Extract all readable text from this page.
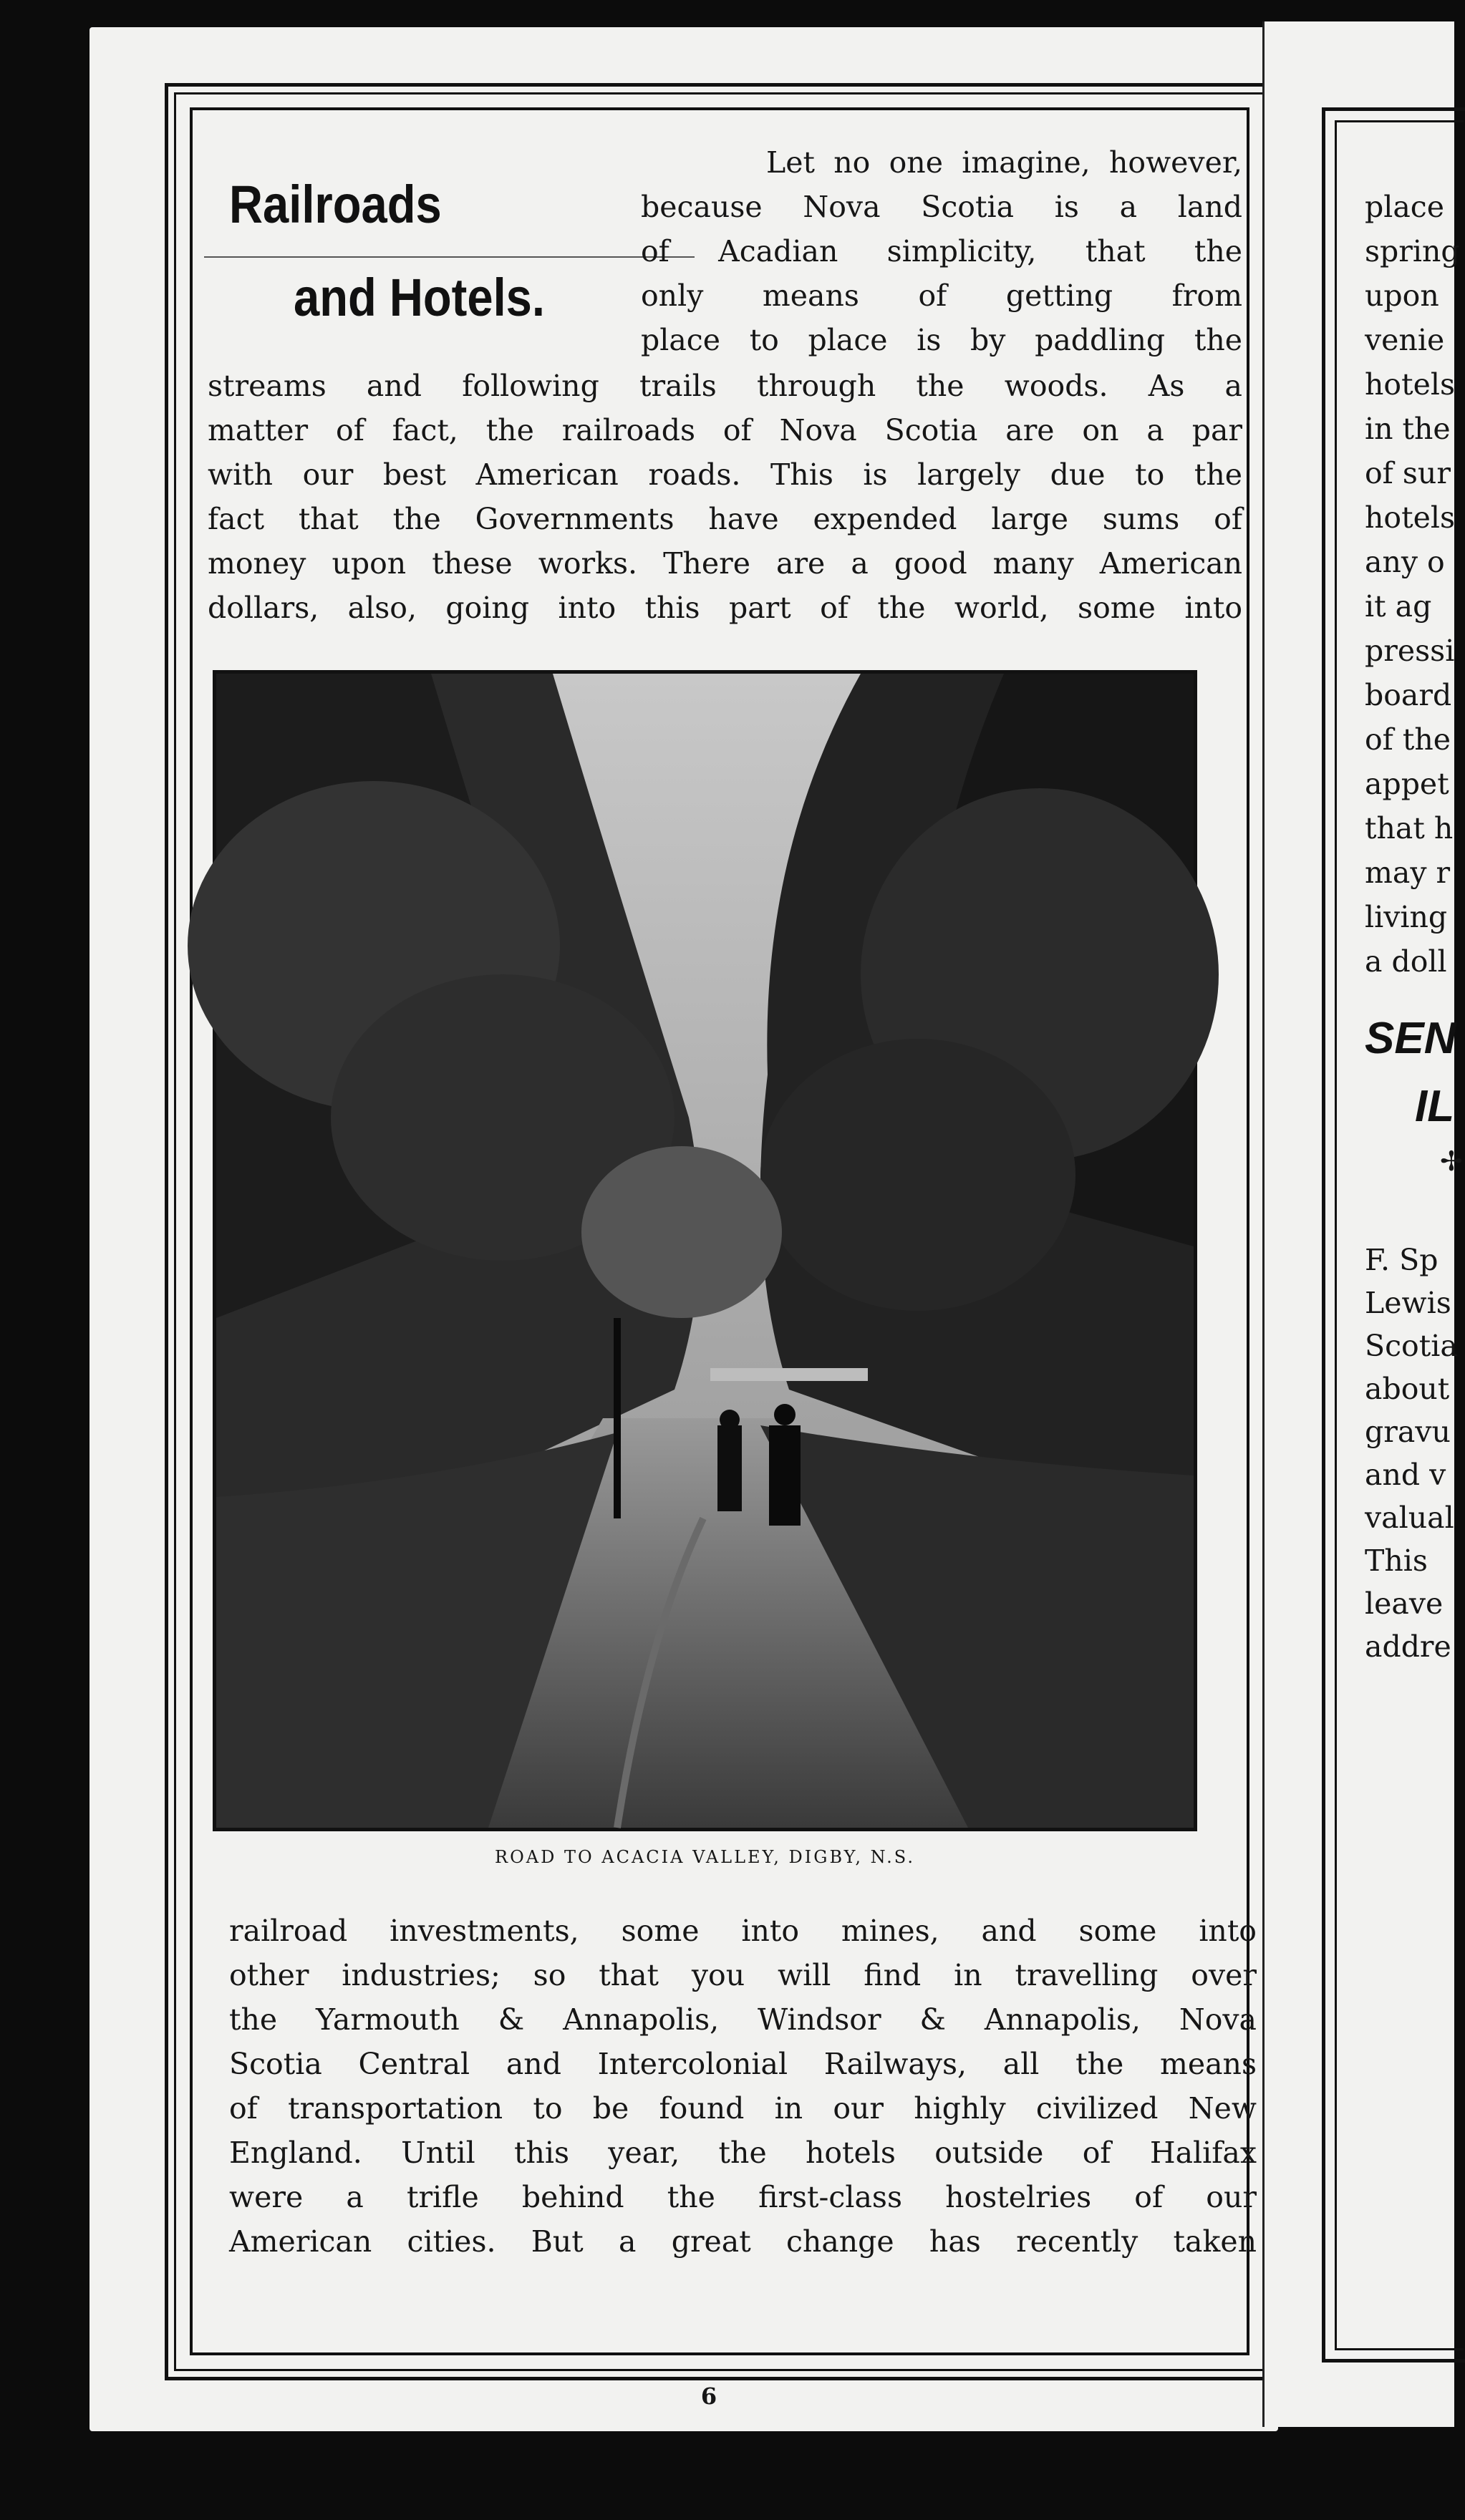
Railroads
and Hotels.
Let no one imagine, however,
because Nova Scotia is a land
of Acadian simplicity, that the
only means of getting from
place to place is by paddling the
streams and following trails through the woods. As a
matter of fact, the railroads of Nova Scotia are on a par
with our best American roads. This is largely due to the
fact that the Governments have expended large sums of
money upon these works. There are a good many American
dollars, also, going into this part of the world, some into
ROAD TO ACACIA VALLEY, DIGBY, N.S.
railroad investments, some into mines, and some into
other industries; so that you will find in travelling over
the Yarmouth & Annapolis, Windsor & Annapolis, Nova
Scotia Central and Intercolonial Railways, all the means
of transportation to be found in our highly civilized New
England. Until this year, the hotels outside of Halifax
were a trifle behind the first-class hostelries of our
American cities. But a great change has recently taken
6
place
spring
upon
venie
hotels
in the
of sur
hotels
any o
it ag
pressi
board
of the
appet
that h
may r
living
a doll
SEN
IL
✢
F. Sp
Lewis
Scotia
about
gravu
and v
valual
This
leave
addre
